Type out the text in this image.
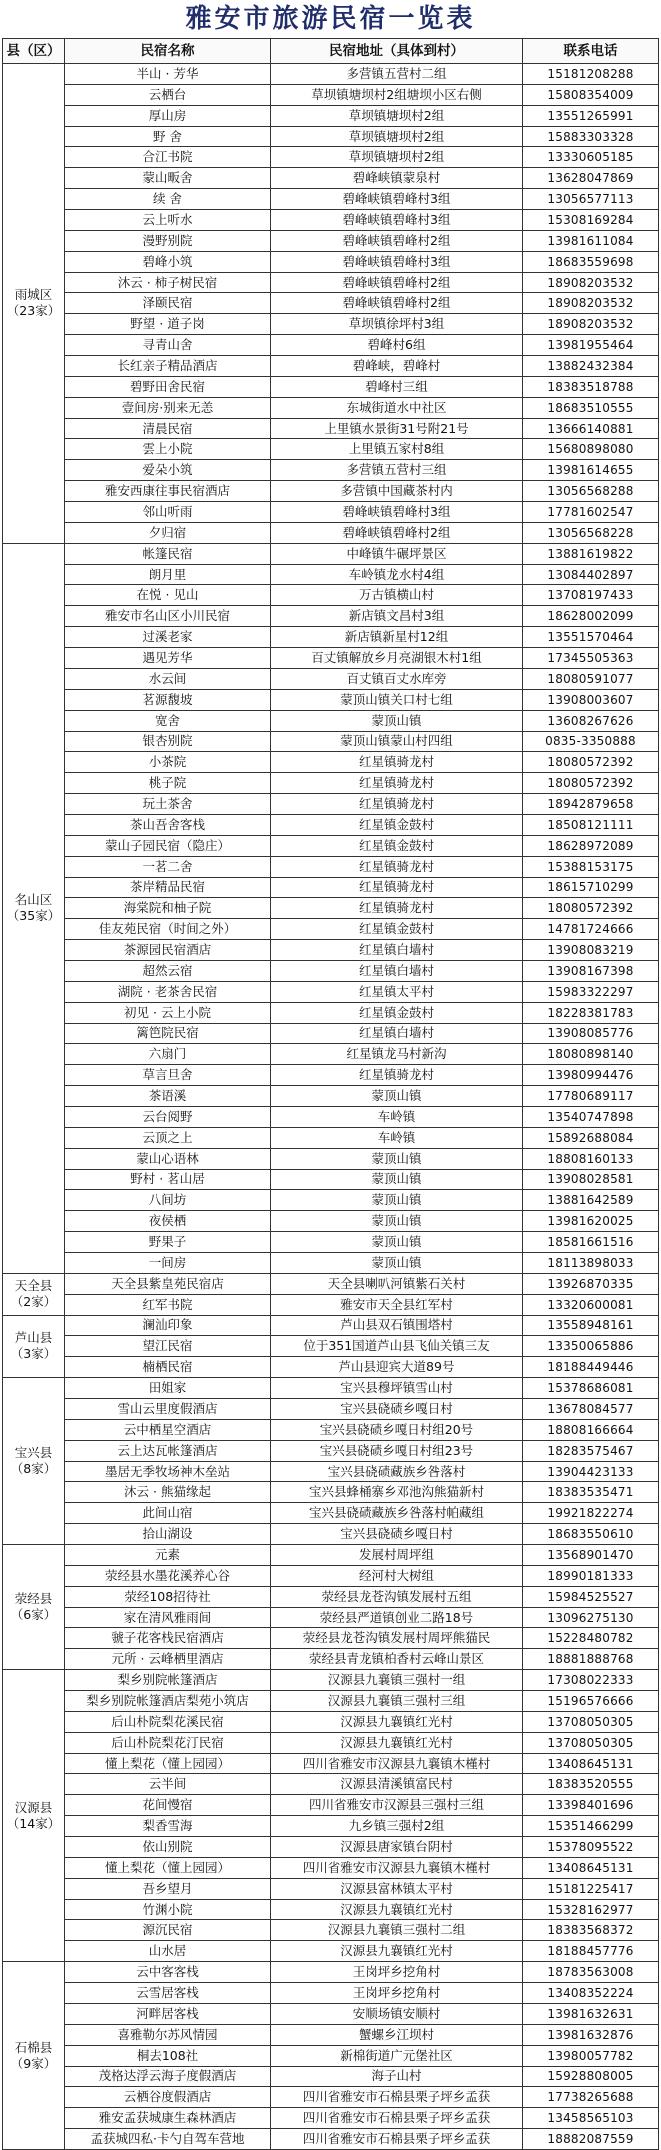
雅安市旅游民宿一览表
县（区）	民宿名称	民宿地址（具体到村）	联系电话

雨城区
（23家）	半山 · 芳华	多营镇五营村二组	15181208288
	云栖台	草坝镇塘坝村2组塘坝小区右侧	15808354009
	厚山房	草坝镇塘坝村2组	13551265991
	野 舍	草坝镇塘坝村2组	15883303328
	合江书院	草坝镇塘坝村2组	13330605185
	蒙山畈舍	碧峰峡镇蒙泉村	13628047869
	续 舍	碧峰峡镇碧峰村3组	13056577113
	云上听水	碧峰峡镇碧峰村3组	15308169284
	漫野别院	碧峰峡镇碧峰村2组	13981611084
	碧峰小筑	碧峰峡镇碧峰村3组	18683559698
	沐云 · 柿子树民宿	碧峰峡镇碧峰村2组	18908203532
	泽颐民宿	碧峰峡镇碧峰村2组	18908203532
	野望 · 道子岗	草坝镇徐坪村3组	18908203532
	寻青山舍	碧峰村6组	13981955464
	长红亲子精品酒店	碧峰峡，碧峰村	13882432384
	碧野田舍民宿	碧峰村三组	18383518788
	壹间房·别来无恙	东城街道水中社区	18683510555
	清晨民宿	上里镇水景街31号附21号	13666140881
	雲上小院	上里镇五家村8组	15680898080
	爱朵小筑	多营镇五营村三组	13981614655
	雅安西康往事民宿酒店	多营镇中国藏茶村内	13056568288
	邻山听雨	碧峰峡镇碧峰村3组	17781602547
	夕归宿	碧峰峡镇碧峰村2组	13056568228

名山区
（35家）	帐篷民宿	中峰镇牛碾坪景区	13881619822
	朗月里	车岭镇龙水村4组	13084402897
	在悦 · 见山	万古镇横山村	13708197433
	雅安市名山区小川民宿	新店镇文昌村3组	18628002099
	过溪老家	新店镇新星村12组	13551570464
	遇见芳华	百丈镇解放乡月亮湖银木村1组	17345505363
	水云间	百丈镇百丈水库旁	18080591077
	茗源馥坡	蒙顶山镇关口村七组	13908003607
	宽舍	蒙顶山镇	13608267626
	银杏别院	蒙顶山镇蒙山村四组	0835-3350888
	小茶院	红星镇骑龙村	18080572392
	桃子院	红星镇骑龙村	18080572392
	玩土茶舍	红星镇骑龙村	18942879658
	茶山吾舍客栈	红星镇金鼓村	18508121111
	蒙山子园民宿（隐庄）	红星镇金鼓村	18628972089
	一茗二舍	红星镇骑龙村	15388153175
	茶岸精品民宿	红星镇骑龙村	18615710299
	海棠院和柚子院	红星镇骑龙村	18080572392
	佳友苑民宿（时间之外）	红星镇金鼓村	14781724666
	茶源园民宿酒店	红星镇白墙村	13908083219
	超然云宿	红星镇白墙村	13908167398
	湖院 · 老茶舍民宿	红星镇太平村	15983322297
	初见 · 云上小院	红星镇金鼓村	18228381783
	篱笆院民宿	红星镇白墙村	13908085776
	六扇门	红星镇龙马村新沟	18080898140
	草言旦舍	红星镇骑龙村	13980994476
	茶语溪	蒙顶山镇	17780689117
	云台阅野	车岭镇	13540747898
	云顶之上	车岭镇	15892688084
	蒙山心语林	蒙顶山镇	18808160133
	野村 · 茗山居	蒙顶山镇	13908028581
	八间坊	蒙顶山镇	13881642589
	夜侯栖	蒙顶山镇	13981620025
	野果子	蒙顶山镇	18581661516
	一间房	蒙顶山镇	18113898033

天全县
（2家）	天全县紫皇苑民宿店	天全县喇叭河镇紫石关村	13926870335
	红军书院	雅安市天全县红军村	13320600081

芦山县
（3家）	澜汕印象	芦山县双石镇围塔村	13558948161
	望江民宿	位于351国道芦山县飞仙关镇三友	13350065886
	楠栖民宿	芦山县迎宾大道89号	18188449446

宝兴县
（8家）	田姐家	宝兴县穆坪镇雪山村	15378686081
	雪山云里度假酒店	宝兴县硗碛乡嘎日村	13678084577
	云中栖星空酒店	宝兴县硗碛乡嘎日村组20号	18808166664
	云上达瓦帐篷酒店	宝兴县硗碛乡嘎日村组23号	18283575467
	墨居无季牧场神木垒站	宝兴县硗碛藏族乡咎落村	13904423133
	沐云 · 熊猫缘起	宝兴县蜂桶寨乡邓池沟熊猫新村	18383535471
	此间山宿	宝兴县硗碛藏族乡咎落村帕藏组	19921822274
	拾山湖设	宝兴县硗碛乡嘎日村	18683550610

荥经县
（6家）	元素	发展村周坪组	13568901470
	荥经县水墨花溪养心谷	经河村大树组	18990181333
	荥经108招待社	荥经县龙苍沟镇发展村五组	15984525527
	家在清风雅雨间	荥经县严道镇创业二路18号	13096275130
	虢子花客栈民宿酒店	荥经县龙苍沟镇发展村周坪熊猫民	15228480782
	元所 · 云峰栖里酒店	荥经县青龙镇柏香村云峰山景区	18881888768

汉源县
（14家）	梨乡别院帐篷酒店	汉源县九襄镇三强村一组	17308022333
	梨乡别院帐篷酒店梨苑小筑店	汉源县九襄镇三强村三组	15196576666
	后山朴院梨花溪民宿	汉源县九襄镇红光村	13708050305
	后山朴院梨花汀民宿	汉源县九襄镇红光村	13708050305
	懂上梨花（懂上园园）	四川省雅安市汉源县九襄镇木槿村	13408645131
	云半间	汉源县清溪镇富民村	18383520555
	花间慢宿	四川省雅安市汉源县三强村三组	13398401696
	梨香雪海	九乡镇三强村2组	15351466299
	依山别院	汉源县唐家镇台阴村	15378095522
	懂上梨花（懂上园园）	四川省雅安市汉源县九襄镇木槿村	13408645131
	吾乡望月	汉源县富林镇太平村	15181225417
	竹渊小院	汉源县九襄镇红光村	15328162977
	源沉民宿	汉源县九襄镇三强村二组	18383568372
	山水居	汉源县九襄镇红光村	18188457776

石棉县
（9家）	云中客客栈	王岗坪乡挖角村	18783563008
	云雪居客栈	王岗坪乡挖角村	13408352224
	河畔居客栈	安顺场镇安顺村	13981632631
	喜雅勒尔苏风情园	蟹螺乡江坝村	13981632876
	桐去108社	新棉街道广元堡社区	13980057782
	茂格达浮云海子度假酒店	海子山村	15928808005
	云栖谷度假酒店	四川省雅安市石棉县栗子坪乡孟获	17738265688
	雅安孟获城康生森林酒店	四川省雅安市石棉县栗子坪乡孟获	13458565103
	孟获城四私·卡勺自驾车营地	四川省雅安市石棉县栗子坪乡孟获	18882087559
